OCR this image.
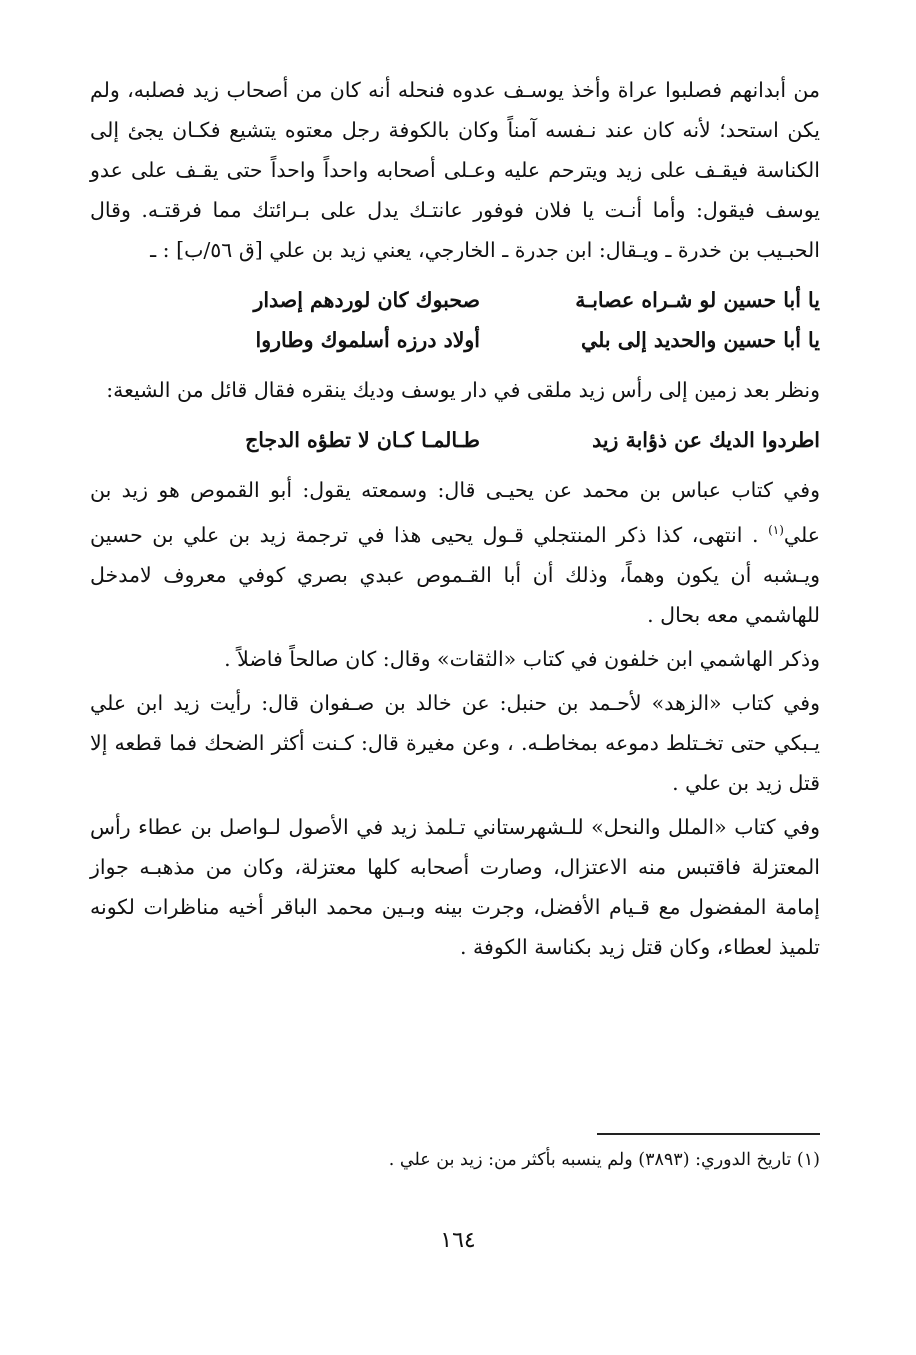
من أبدانهم فصلبوا عراة وأخذ يوسـف عدوه فنحله أنه كان من أصحاب زيد فصلبه، ولم يكن استحد؛ لأنه كان عند نـفسه آمناً وكان بالكوفة رجل معتوه يتشيع فكـان يجئ إلى الكناسة فيقـف على زيد ويترحم عليه وعـلى أصحابه واحداً واحداً حتى يقـف على عدو يوسف فيقول: وأما أنـت يا فلان فوفور عانتـك يدل على بـرائتك مما فرقتـه. وقال الحبـيب بن خدرة ـ ويـقال: ابن جدرة ـ الخارجي، يعني زيد بن علي [ق ٥٦/ب] : ـ

يا أبا حسين لو شـراه عصابـة
صحبوك كان لوردهم إصدار
يا أبا حسين والحديد إلى بلي
أولاد درزه أسلموك وطاروا

ونظر بعد زمين إلى رأس زيد ملقى في دار يوسف وديك ينقره فقال قائل من الشيعة:

اطردوا الديك عن ذؤابة زيد
طـالمـا كـان لا تطؤه الدجاج

وفي كتاب عباس بن محمد عن يحيـى قال: وسمعته يقول: أبو القموص هو زيد بن علي$^{(١)}$ . انتهى، كذا ذكر المنتجلي قـول يحيى هذا في ترجمة زيد بن علي بن حسين ويـشبه أن يكون وهماً، وذلك أن أبا القـموص عبدي بصري كوفي معروف لامدخل للهاشمي معه بحال .

وذكر الهاشمي ابن خلفون في كتاب «الثقات» وقال: كان صالحاً فاضلاً .

وفي كتاب «الزهد» لأحـمد بن حنبل: عن خالد بن صـفوان قال: رأيت زيد ابن علي يـبكي حتى تخـتلط دموعه بمخاطـه. ، وعن مغيرة قال: كـنت أكثر الضحك فما قطعه إلا قتل زيد بن علي .

وفي كتاب «الملل والنحل» للـشهرستاني تـلمذ زيد في الأصول لـواصل بن عطاء رأس المعتزلة فاقتبس منه الاعتزال، وصارت أصحابه كلها معتزلة، وكان من مذهبـه جواز إمامة المفضول مع قـيام الأفضل، وجرت بينه وبـين محمد الباقر أخيه مناظرات لكونه تلميذ لعطاء، وكان قتل زيد بكناسة الكوفة .

(١) تاريخ الدوري: (٣٨٩٣) ولم ينسبه بأكثر من: زيد بن علي .
١٦٤
